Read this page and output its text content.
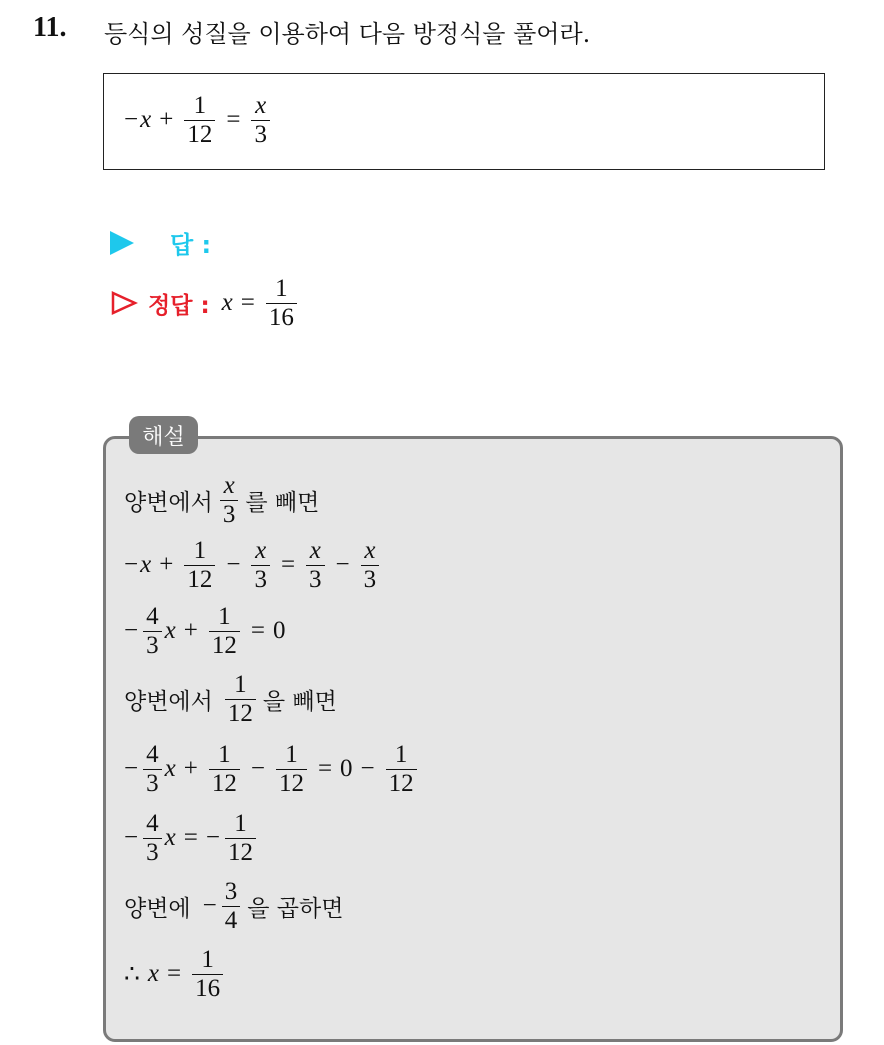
11. 등식의 성질을 이용하여 다음 방정식을 풀어라.
− $x + \frac{1}{12} = \frac{x}{3}$
답 :
정답 : $x = \frac{1}{16}$
해설
양변에서 $\frac{x}{3}$ 를 빼면
− $x + \frac{1}{12} - \frac{x}{3} = \frac{x}{3} - \frac{x}{3}$
− $\frac{4}{3}$ $x + \frac{1}{12} = 0$
양변에서 $\frac{1}{12}$ 을 빼면
− $\frac{4}{3}$ $x + \frac{1}{12} - \frac{1}{12} = 0 - \frac{1}{12}$
− $\frac{4}{3}$ x = − $\frac{1}{12}$
양변에 − $\frac{3}{4}$ 을 곱하면
∴ $x = \frac{1}{16}$
